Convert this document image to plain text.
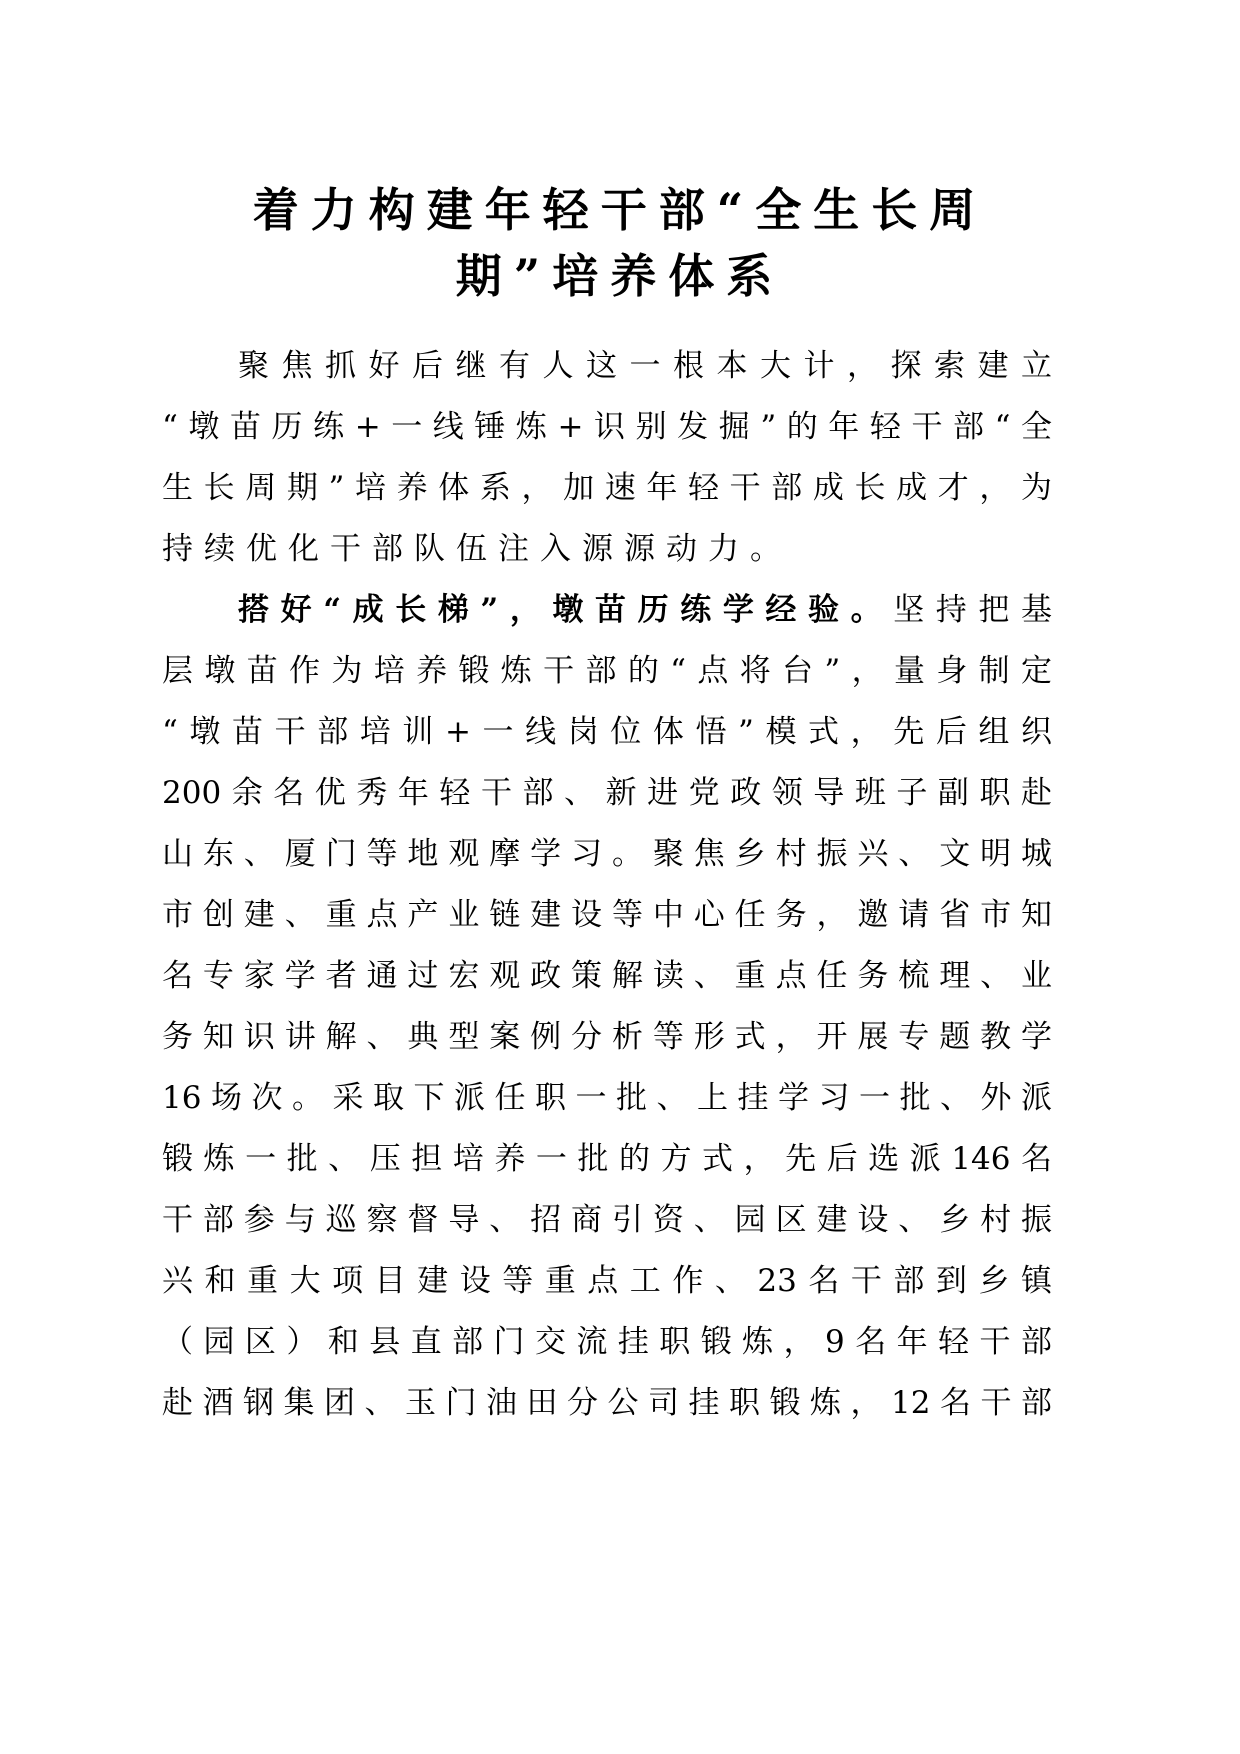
着力构建年轻干部“全生长周
期”培养体系
聚焦抓好后继有人这一根本大计，探索建立
“墩苗历练+一线锤炼+识别发掘”的年轻干部“全
生长周期”培养体系，加速年轻干部成长成才，为
持续优化干部队伍注入源源动力。
搭好“成长梯”，墩苗历练学经验。坚持把基
层墩苗作为培养锻炼干部的“点将台”，量身制定
“墩苗干部培训+一线岗位体悟”模式，先后组织
200余名优秀年轻干部、新进党政领导班子副职赴
山东、厦门等地观摩学习。聚焦乡村振兴、文明城
市创建、重点产业链建设等中心任务，邀请省市知
名专家学者通过宏观政策解读、重点任务梳理、业
务知识讲解、典型案例分析等形式，开展专题教学
16场次。采取下派任职一批、上挂学习一批、外派
锻炼一批、压担培养一批的方式，先后选派146名
干部参与巡察督导、招商引资、园区建设、乡村振
兴和重大项目建设等重点工作、23名干部到乡镇
（园区）和县直部门交流挂职锻炼，9名年轻干部
赴酒钢集团、玉门油田分公司挂职锻炼，12名干部
